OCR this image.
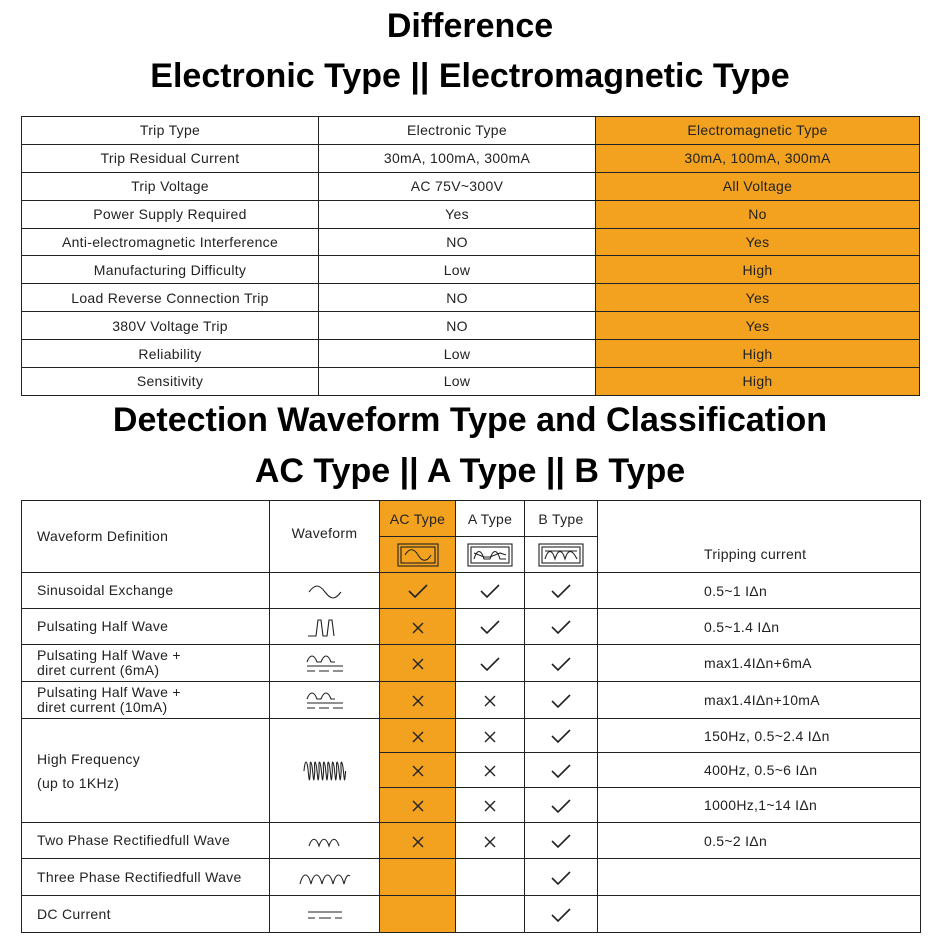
Difference
Electronic Type || Electromagnetic Type
Trip Type	Electronic Type	Electromagnetic Type
Trip Residual Current	30mA, 100mA, 300mA	30mA, 100mA, 300mA
Trip Voltage	AC 75V~300V	All Voltage
Power Supply Required	Yes	No
Anti-electromagnetic Interference	NO	Yes
Manufacturing Difficulty	Low	High
Load Reverse Connection Trip	NO	Yes
380V Voltage Trip	NO	Yes
Reliability	Low	High
Sensitivity	Low	High
Detection Waveform Type and Classification
AC Type || A Type || B Type
Waveform Definition	Waveform	AC Type	A Type	B Type	Tripping current

Sinusoidal Exchange					0.5~1 IΔn

Pulsating Half Wave					0.5~1.4 IΔn

Pulsating Half Wave +
diret current (6mA)					max1.4IΔn+6mA

Pulsating Half Wave +
diret current (10mA)					max1.4IΔn+10mA

High Frequency
(up to 1KHz)					150Hz, 0.5~2.4 IΔn

	400Hz, 0.5~6 IΔn

	1000Hz,1~14 IΔn

Two Phase Rectifiedfull Wave					0.5~2 IΔn

Three Phase Rectifiedfull Wave

DC Current
